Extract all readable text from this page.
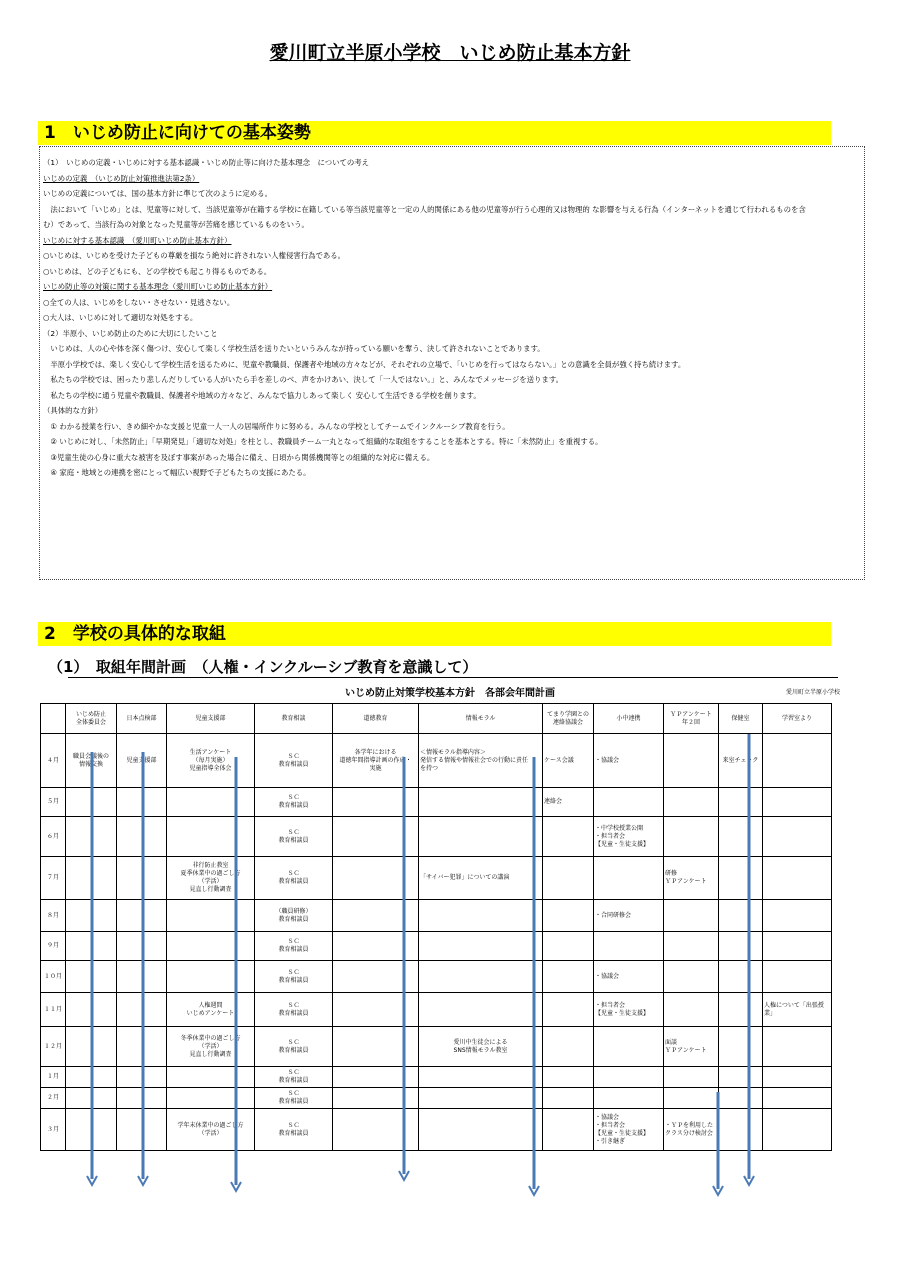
愛川町立半原小学校　いじめ防止基本方針
1　いじめ防止に向けての基本姿勢

（1）　いじめの定義・いじめに対する基本認識・いじめ防止等に向けた基本理念　についての考え

いじめの定義　（いじめ防止対策推進法第2条）

いじめの定義については、国の基本方針に準じて次のように定める。

　法において「いじめ」とは、児童等に対して、当該児童等が在籍する学校に在籍している等当該児童等と一定の人的関係にある他の児童等が行う心理的又は物理的 な影響を与える行為（インターネットを通じて行われるものを含

む）であって、当該行為の対象となった児童等が苦痛を感じているものをいう。

いじめに対する基本認識　（愛川町いじめ防止基本方針）

○いじめは、いじめを受けた子どもの尊厳を損なう絶対に許されない人権侵害行為である。

○いじめは、どの子どもにも、どの学校でも起こり得るものである。

いじめ防止等の対策に関する基本理念（愛川町いじめ防止基本方針）

○全ての人は、いじめをしない・させない・見逃さない。

○大人は、いじめに対して適切な対処をする。

（2）半原小、いじめ防止のために大切にしたいこと

　いじめは、人の心や体を深く傷つけ、安心して楽しく学校生活を送りたいというみんなが持っている願いを奪う、決して許されないことであります。

　半原小学校では、楽しく安心して学校生活を送るために、児童や教職員、保護者や地域の方々などが、それぞれの立場で、「いじめを行ってはならない。」との意識を全員が強く持ち続けます。

　私たちの学校では、困ったり悲しんだりしている人がいたら手を差しのべ、声をかけあい、決して「一人ではない。」と、みんなでメッセージを送ります。

　私たちの学校に通う児童や教職員、保護者や地域の方々など、みんなで協力しあって楽しく 安心して生活できる学校を創ります。

（具体的な方針）

　① わかる授業を行い、きめ細やかな支援と児童一人一人の居場所作りに努める。みんなの学校としてチームでインクルーシブ教育を行う。

　② いじめに対し、「未然防止」「早期発見」「適切な対処」を柱とし、教職員チーム一丸となって組織的な取組をすることを基本とする。特に「未然防止」を重視する。

　③児童生徒の心身に重大な被害を及ぼす事案があった場合に備え、日頃から関係機関等との組織的な対応に備える。

　④ 家庭・地域との連携を密にとって幅広い視野で子どもたちの支援にあたる。

2　学校の具体的な取組
（1）　取組年間計画　（人権・インクルーシブ教育を意識して）
いじめ防止対策学校基本方針　各部会年間計画	愛川町立半原小学校
	いじめ防止
全体委員会	日本点検部	児童支援部	教育相談	道徳教育	情報モラル	てまり学園との
連絡協議会	小中連携	ＹＰアンケート
年２回	保健室	学習室より
４月	職員会議後の
情報交換	児童支援部	生活アンケート
（毎月実施）
児童指導全体会	ＳＣ
教育相談員	各学年における
道徳年間指導計画の作成・
実施	＜情報モラル指導内容＞
発信する情報や情報社会での行動に責任
を持つ	ケース会議	・協議会		来室チェック	
５月				ＳＣ
教育相談員			連絡会				
６月				ＳＣ
教育相談員				・中学校授業公開
・担当者会
【児童・生徒支援】			
７月			非行防止教室
夏季休業中の過ごし方
（学活）
見直し行動調査	ＳＣ
教育相談員		「サイバー犯罪」についての講演			研修
ＹＰアンケート		
８月				（職員研修）
教育相談員				・合同研修会			
９月				ＳＣ
教育相談員							
１０月				ＳＣ
教育相談員				・協議会			
１１月			人権週間
いじめアンケート	ＳＣ
教育相談員				・担当者会
【児童・生徒支援】			人権について「出張授業」
１２月			冬季休業中の過ごし方
（学活）
見直し行動調査	ＳＣ
教育相談員		愛川中生徒会による
SNS情報モラル教室			面談
ＹＰアンケート		
１月				ＳＣ
教育相談員							
２月				ＳＣ
教育相談員							
３月			学年末休業中の過ごし方
（学活）	ＳＣ
教育相談員				・協議会
・担当者会
【児童・生徒支援】
・引き継ぎ	・ＹＰを利用した
クラス分け検討会		
